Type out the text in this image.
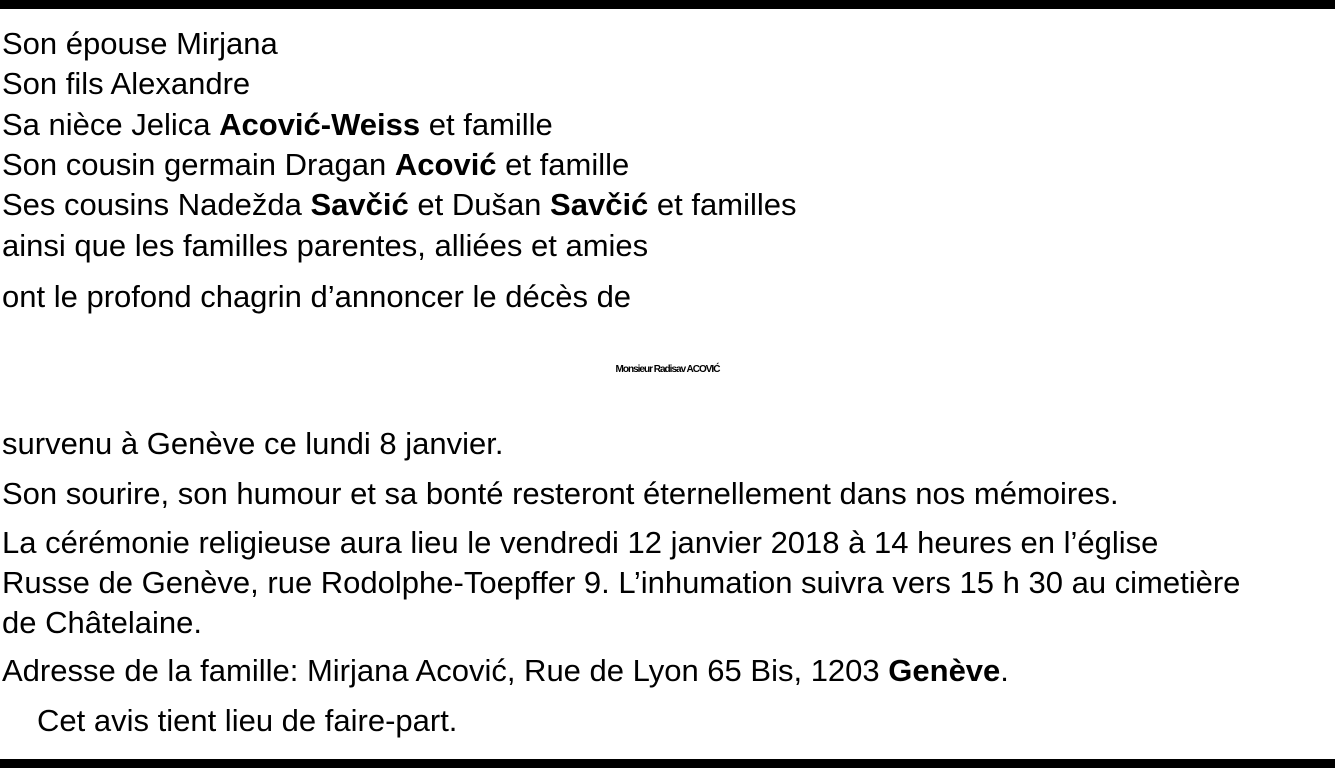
Son épouse Mirjana
Son fils Alexandre
Sa nièce Jelica Acović-Weiss et famille
Son cousin germain Dragan Acović et famille
Ses cousins Nadežda Savčić et Dušan Savčić et familles
ainsi que les familles parentes, alliées et amies
ont le profond chagrin d’annoncer le décès de
Monsieur Radisav ACOVIĆ
survenu à Genève ce lundi 8 janvier.
Son sourire, son humour et sa bonté resteront éternellement dans nos mémoires.
La cérémonie religieuse aura lieu le vendredi 12 janvier 2018 à 14 heures en l’église
Russe de Genève, rue Rodolphe-Toepffer 9. L’inhumation suivra vers 15 h 30 au cimetière
de Châtelaine.
Adresse de la famille: Mirjana Acović, Rue de Lyon 65 Bis, 1203 Genève.
Cet avis tient lieu de faire-part.
